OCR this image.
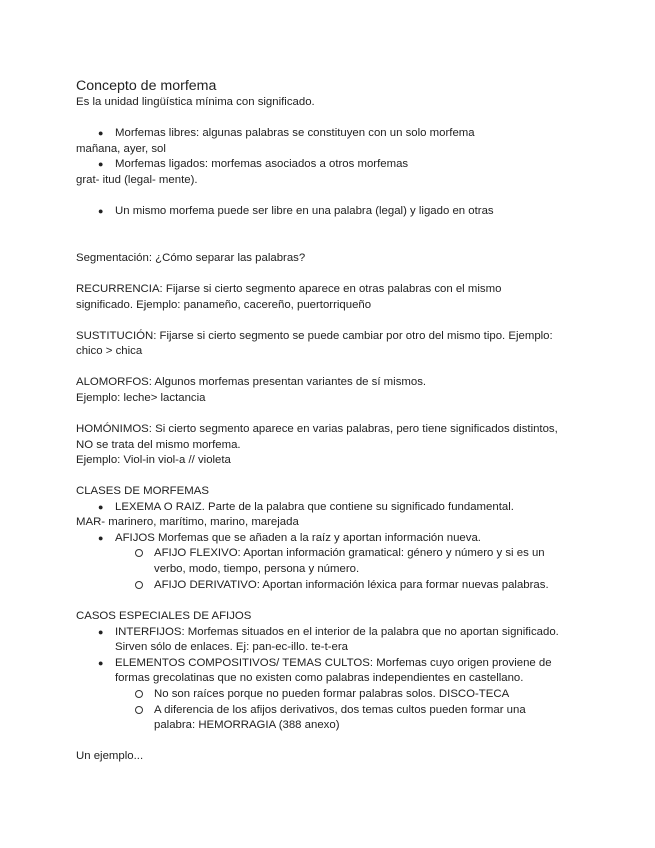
Concepto de morfema
Es la unidad lingüística mínima con significado.
● Morfemas libres: algunas palabras se constituyen con un solo morfema
mañana, ayer, sol
● Morfemas ligados: morfemas asociados a otros morfemas
grat- itud (legal- mente).
● Un mismo morfema puede ser libre en una palabra (legal) y ligado en otras
Segmentación: ¿Cómo separar las palabras?
RECURRENCIA: Fijarse si cierto segmento aparece en otras palabras con el mismo
significado. Ejemplo: panameño, cacereño, puertorriqueño
SUSTITUCIÓN: Fijarse si cierto segmento se puede cambiar por otro del mismo tipo. Ejemplo:
chico > chica
ALOMORFOS: Algunos morfemas presentan variantes de sí mismos.
Ejemplo: leche> lactancia
HOMÓNIMOS: Si cierto segmento aparece en varias palabras, pero tiene significados distintos,
NO se trata del mismo morfema.
Ejemplo: Viol-in viol-a // violeta
CLASES DE MORFEMAS
● LEXEMA O RAIZ. Parte de la palabra que contiene su significado fundamental.
MAR- marinero, marítimo, marino, marejada
● AFIJOS Morfemas que se añaden a la raíz y aportan información nueva.
AFIJO FLEXIVO: Aportan información gramatical: género y número y si es un
verbo, modo, tiempo, persona y número.
AFIJO DERIVATIVO: Aportan información léxica para formar nuevas palabras.
CASOS ESPECIALES DE AFIJOS
● INTERFIJOS: Morfemas situados en el interior de la palabra que no aportan significado.
Sirven sólo de enlaces. Ej: pan-ec-illo. te-t-era
● ELEMENTOS COMPOSITIVOS/ TEMAS CULTOS: Morfemas cuyo origen proviene de
formas grecolatinas que no existen como palabras independientes en castellano.
No son raíces porque no pueden formar palabras solos. DISCO-TECA
A diferencia de los afijos derivativos, dos temas cultos pueden formar una
palabra: HEMORRAGIA (388 anexo)
Un ejemplo...
